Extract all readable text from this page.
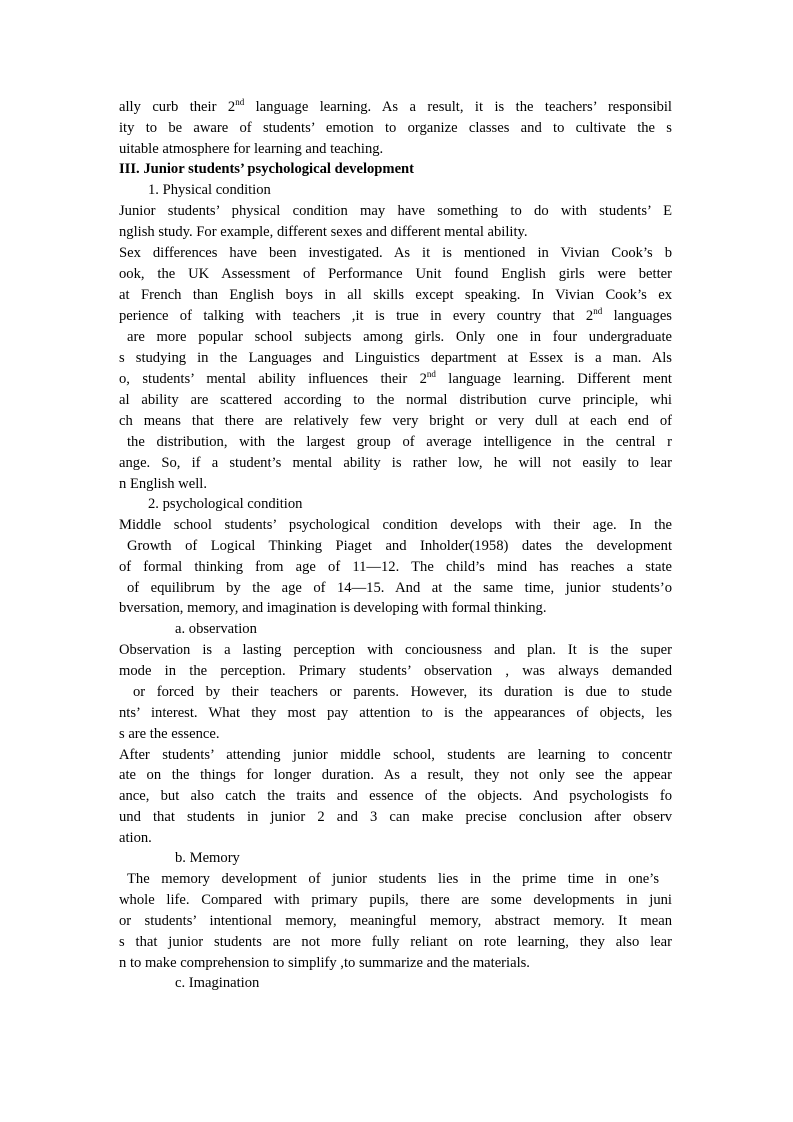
ally curb their 2nd language learning. As a result, it is the teachers’ responsibil
ity to be aware of students’ emotion to organize classes and to cultivate the s
uitable atmosphere for learning and teaching.
III. Junior students’ psychological development
1. Physical condition
Junior students’ physical condition may have something to do with students’ E
nglish study. For example, different sexes and different mental ability.
Sex differences have been investigated. As it is mentioned in Vivian Cook’s b
ook, the UK Assessment of Performance Unit found English girls were better
at French than English boys in all skills except speaking. In Vivian Cook’s ex
perience of talking with teachers ,it is true in every country that 2nd languages
are more popular school subjects among girls. Only one in four undergraduate
s studying in the Languages and Linguistics department at Essex is a man. Als
o, students’ mental ability influences their 2nd language learning. Different ment
al ability are scattered according to the normal distribution curve principle, whi
ch means that there are relatively few very bright or very dull at each end of
the distribution, with the largest group of average intelligence in the central r
ange. So, if a student’s mental ability is rather low, he will not easily to lear
n English well.
2. psychological condition
Middle school students’ psychological condition develops with their age. In the
Growth of Logical Thinking Piaget and Inholder(1958) dates the development
of formal thinking from age of 11—12. The child’s mind has reaches a state
of equilibrum by the age of 14—15. And at the same time, junior students’o
bversation, memory, and imagination is developing with formal thinking.
a. observation
Observation is a lasting perception with conciousness and plan. It is the super
mode in the perception. Primary students’ observation , was always demanded
or forced by their teachers or parents. However, its duration is due to stude
nts’ interest. What they most pay attention to is the appearances of objects, les
s are the essence.
After students’ attending junior middle school, students are learning to concentr
ate on the things for longer duration. As a result, they not only see the appear
ance, but also catch the traits and essence of the objects. And psychologists fo
und that students in junior 2 and 3 can make precise conclusion after observ
ation.
b. Memory
The memory development of junior students lies in the prime time in one’s
whole life. Compared with primary pupils, there are some developments in juni
or students’ intentional memory, meaningful memory, abstract memory. It mean
s that junior students are not more fully reliant on rote learning, they also lear
n to make comprehension to simplify ,to summarize and the materials.
c. Imagination
